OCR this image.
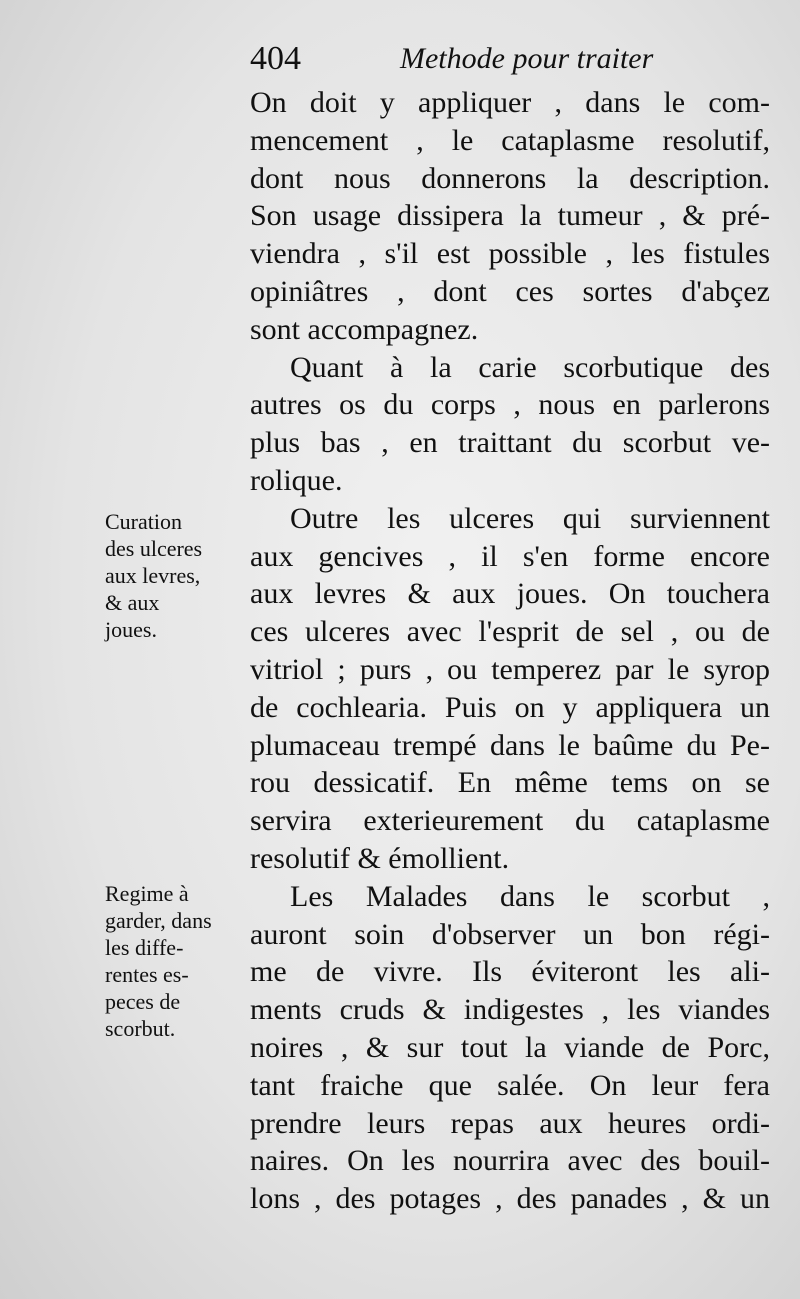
404	Methode pour traiter
Curation
des ulceres
aux levres,
& aux
joues.
Regime à
garder, dans
les diffe-
rentes es-
peces de
scorbut.
On doit y appliquer , dans le com-
mencement , le cataplasme resolutif,
dont nous donnerons la description.
Son usage dissipera la tumeur , & pré-
viendra , s'il est possible , les fistules
opiniâtres , dont ces sortes d'abçez
sont accompagnez.
Quant à la carie scorbutique des
autres os du corps , nous en parlerons
plus bas , en traittant du scorbut ve-
rolique.
Outre les ulceres qui surviennent
aux gencives , il s'en forme encore
aux levres & aux joues. On touchera
ces ulceres avec l'esprit de sel , ou de
vitriol ; purs , ou temperez par le syrop
de cochlearia. Puis on y appliquera un
plumaceau trempé dans le baûme du Pe-
rou dessicatif. En même tems on se
servira exterieurement du cataplasme
resolutif & émollient.
Les Malades dans le scorbut ,
auront soin d'observer un bon régi-
me de vivre. Ils éviteront les ali-
ments cruds & indigestes , les viandes
noires , & sur tout la viande de Porc,
tant fraiche que salée. On leur fera
prendre leurs repas aux heures ordi-
naires. On les nourrira avec des bouil-
lons , des potages , des panades , & un
